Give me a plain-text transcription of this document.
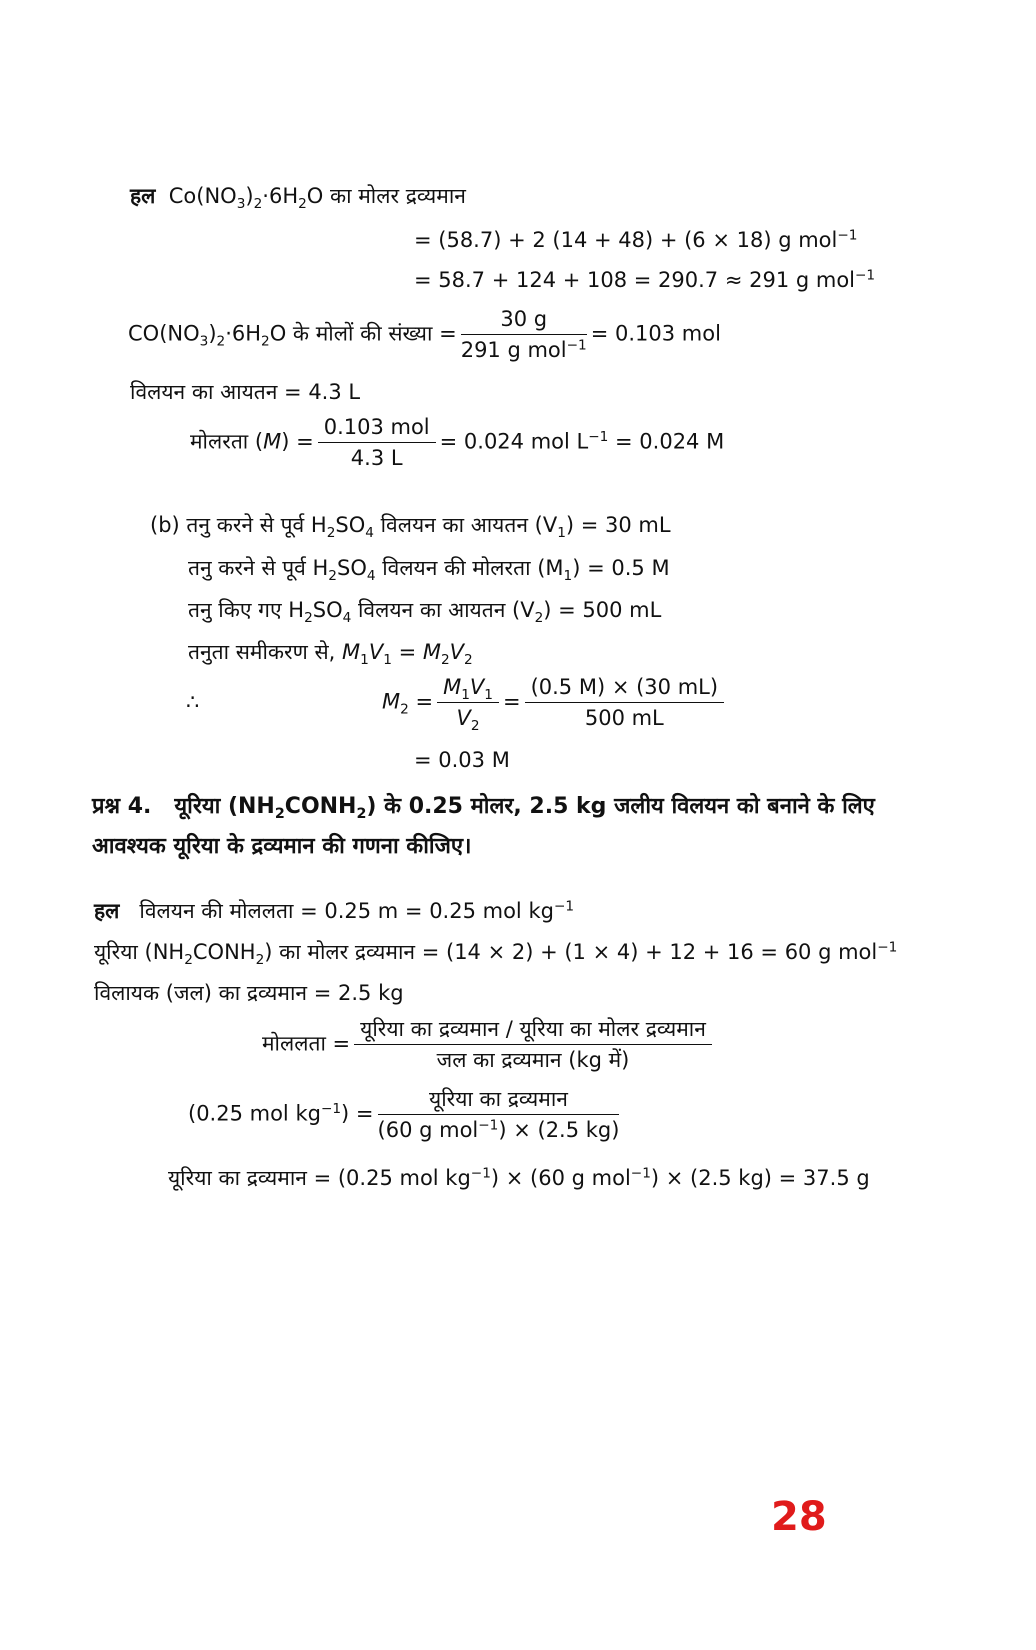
हल $Co(NO_3)_2\cdot 6H_2O$ का मोलर द्रव्यमान
= (58.7) + 2 (14 + 48) + (6 × 18) g mol$^{-1}$
= 58.7 + 124 + 108 = 290.7 ≈ 291 g mol$^{-1}$
$CO(NO_3)_2\cdot 6H_2O$ के मोलों की संख्या = $\frac{30 g}{291 g mol^{-1}} = 0.103$ mol
विलयन का आयतन = 4.3 L
मोलरता $(M) = \frac{\text{0.103 mol}}{4.3 L} = 0.024$ mol $L^{-1} = 0.024$ M
(b) तनु करने से पूर्व $H_2SO_4$ विलयन का आयतन $(V_1) = 30$ mL
तनु करने से पूर्व $H_2SO_4$ विलयन की मोलरता $(M_1) = 0.5$ M
तनु किए गए $H_2SO_4$ विलयन का आयतन $(V_2) = 500$ mL
तनुता समीकरण से, $M_1V_1 = M_2V_2$
∴	$M_2 = \frac{M_1V_1}{V_2} = \frac{(0.5 M) \times (30 mL)}{500 mL}$
= 0.03 M
प्रश्न 4. यूरिया $(NH_2CONH_2)$ के 0.25 मोलर, 2.5 kg जलीय विलयन को बनाने के लिए
आवश्यक यूरिया के द्रव्यमान की गणना कीजिए।
हल विलयन की मोललता = 0.25 m = 0.25 mol $kg^{-1}$
यूरिया $(NH_2CONH_2)$ का मोलर द्रव्यमान = (14 × 2) + (1 × 4) + 12 + 16 = 60 g mol$^{-1}$
विलायक (जल) का द्रव्यमान = 2.5 kg
मोललता = $\frac{\text{यूरिया का द्रव्यमान / यूरिया का मोलर द्रव्यमान}}{\text{जल का द्रव्यमान (kg में)}}$
(0.25 mol $kg^{-1}) = \frac{\text{यूरिया का द्रव्यमान}}{(60 g mol^{-1}) \times (2.5 kg)}$
यूरिया का द्रव्यमान = (0.25 mol $kg^{-1}) \times (60$ g mol$^{-1}$) × (2.5 kg) = 37.5 g
28
